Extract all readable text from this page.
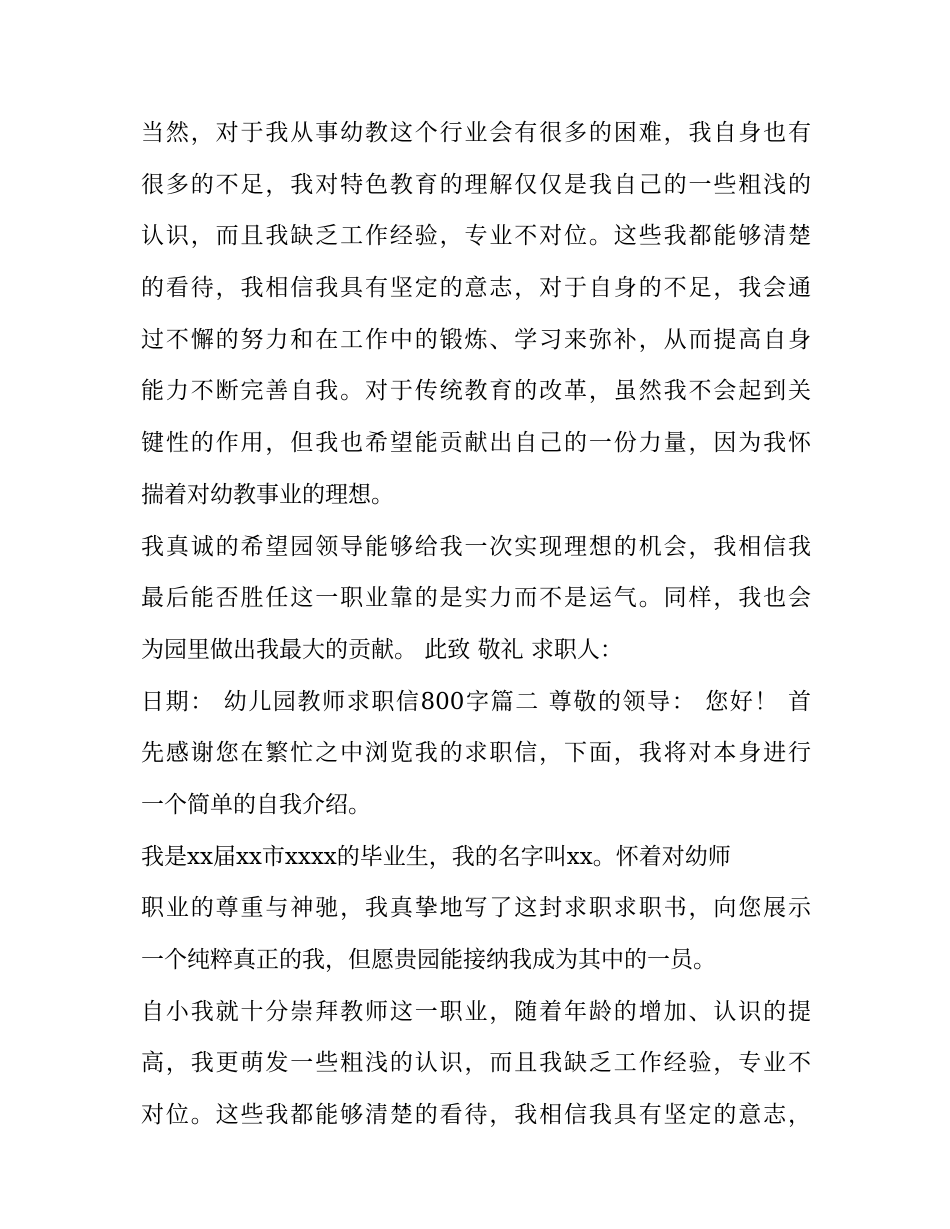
当然，对于我从事幼教这个行业会有很多的困难，我自身也有
很多的不足，我对特色教育的理解仅仅是我自己的一些粗浅的
认识，而且我缺乏工作经验，专业不对位。这些我都能够清楚
的看待，我相信我具有坚定的意志，对于自身的不足，我会通
过不懈的努力和在工作中的锻炼、学习来弥补，从而提高自身
能力不断完善自我。对于传统教育的改革，虽然我不会起到关
键性的作用，但我也希望能贡献出自己的一份力量，因为我怀
揣着对幼教事业的理想。
我真诚的希望园领导能够给我一次实现理想的机会，我相信我
最后能否胜任这一职业靠的是实力而不是运气。同样，我也会
为园里做出我最大的贡献。 此致 敬礼 求职人：
日期： 幼儿园教师求职信800字篇二 尊敬的领导： 您好！ 首
先感谢您在繁忙之中浏览我的求职信，下面，我将对本身进行
一个简单的自我介绍。
我是xx届xx市xxxx的毕业生，我的名字叫xx。怀着对幼师
职业的尊重与神驰，我真挚地写了这封求职求职书，向您展示
一个纯粹真正的我，但愿贵园能接纳我成为其中的一员。
自小我就十分崇拜教师这一职业，随着年龄的增加、认识的提
高，我更萌发一些粗浅的认识，而且我缺乏工作经验，专业不
对位。这些我都能够清楚的看待，我相信我具有坚定的意志，
